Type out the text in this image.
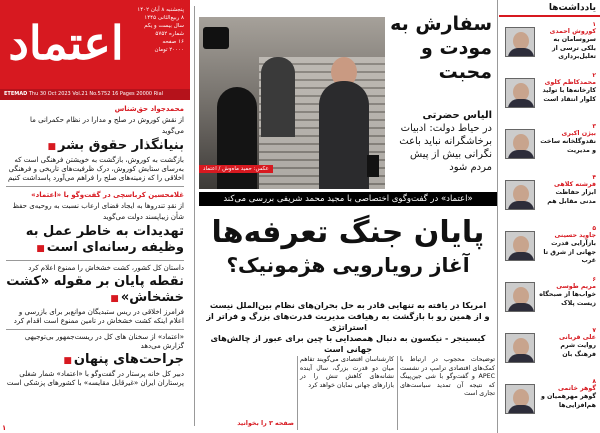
اعتماد
پنجشنبه ۸ آبان ۱۴۰۲
۸ ربیع‌الثانی ۱۴۴۵
سال بیست و یکم
شماره ۵۷۵۲
۱۶ صفحه
۲۰۰۰۰ تومان
ETEMAD Thu 30 Oct 2023 Vol.21 No.5752 16 Pages 20000 Rial
محمدجواد حق‌شناس
از نقش کوروش در صلح و مدارا در نظام حکمرانی ما می‌گوید
بنیانگذار حقوق بشر ■

بازگشت به کوروش، بازگشت به خویشتن فرهنگی است که به‌رسای ستایش کوروش، درک ظرفیت‌های تاریخی و فرهنگی اخلاقی را که زمینه‌های صلح را فراهم می‌آورد پاسداشت کنیم

غلامحسین کرباسچی در گفت‌وگو با «اعتماد»
از نقدِ تندروها به ایجاد فضای ارعاب نسبت به روحیه‌ی حفظ شأن زیباپسند دولت می‌گوید
تهدیدات به خاطر عمل به وظیفه رسانه‌ای است ■

داستان کل کشور، کشت خشخاش را ممنوع اعلام کرد

نقطه پایان بر مقوله «کشت خشخاش» ■

فرامرز اخلاقی در ریس ستبدیگان موانع‌بر برای بازرسی و اعلام اینکه کشت خشخاش در تامین ممنوع است اقدام کرد

«اعتماد» از سخنان های کل در ریست‌جمهور بی‌توجیهی گزارش می‌دهد

جراحت‌های پنهان ■

دبیر کل خانه پرستار در گفت‌وگو با «اعتماد» شمار شغلی پرستاران ایران «غیرقابل مقایسه» با کشورهای پزشکی است

۱
عکس: حمید ما‌ه‌وش / اعتماد
سفارش به مودت و محبت
الیاس حضرتی
در حیاط دولت: ادبیات برخاشگرانه نباید باعث نگرانی بیش از پیش مردم شود
«اعتماد» در گفت‌وگوی اختصاصی با مجید محمد شریفی بررسی می‌کند
پایان جنگ تعرفه‌ها
آغاز رویارویی هژمونیک؟
امریکا در یافته به تنهایی قادر به حل بحران‌های نظام بین‌الملل نیست
و از همین رو با بازگشت به رهیافت مدیریت قدرت‌های بزرگ و فراتر از استراتژی
کیسینجر - نیکسون به دنبال همصدایی با چین برای عبور از چالش‌های جهانی است
توضیحات محجوب در ارتباط با کمک‌های اقتصادی ترامپ در نشست APEC و گفت‌وگو با شی جین‌پینگ که نتیجه آن تمدید سیاست‌های تجاری است
کارشناسان اقتصادی می‌گویند تفاهم میان دو قدرت بزرگ، سال آینده نشانه‌های کاهش تنش را در بازارهای جهانی نمایان خواهد کرد
صفحه ۳ را بخوانید
یادداشت‌ها
۱
کوروش احمدی
سروسامان به بلکی ترسی از تعلیل‌برداری
۲
محمدکاظم کلوی
کارخانه‌ها با تولید کلوار انتقاد است
۳
بیژن اکبری
نقدوگلخانه ساخت و مدیریت
۴
فرشته کلاهی
ابزار حفاظت مدنی مقابل هم
۵
جاوید حسینی
بازآرایی قدرت جهانی از شرق تا غرب
۶
مریم طوسی
خواب‌ها از صبحگاه زیست پلاک
۷
علی قربانی
روایت شرم فرهنگ بان
۸
گوهر خاتمی
گوهر مهرهمیان و هم‌افزایی‌ها
